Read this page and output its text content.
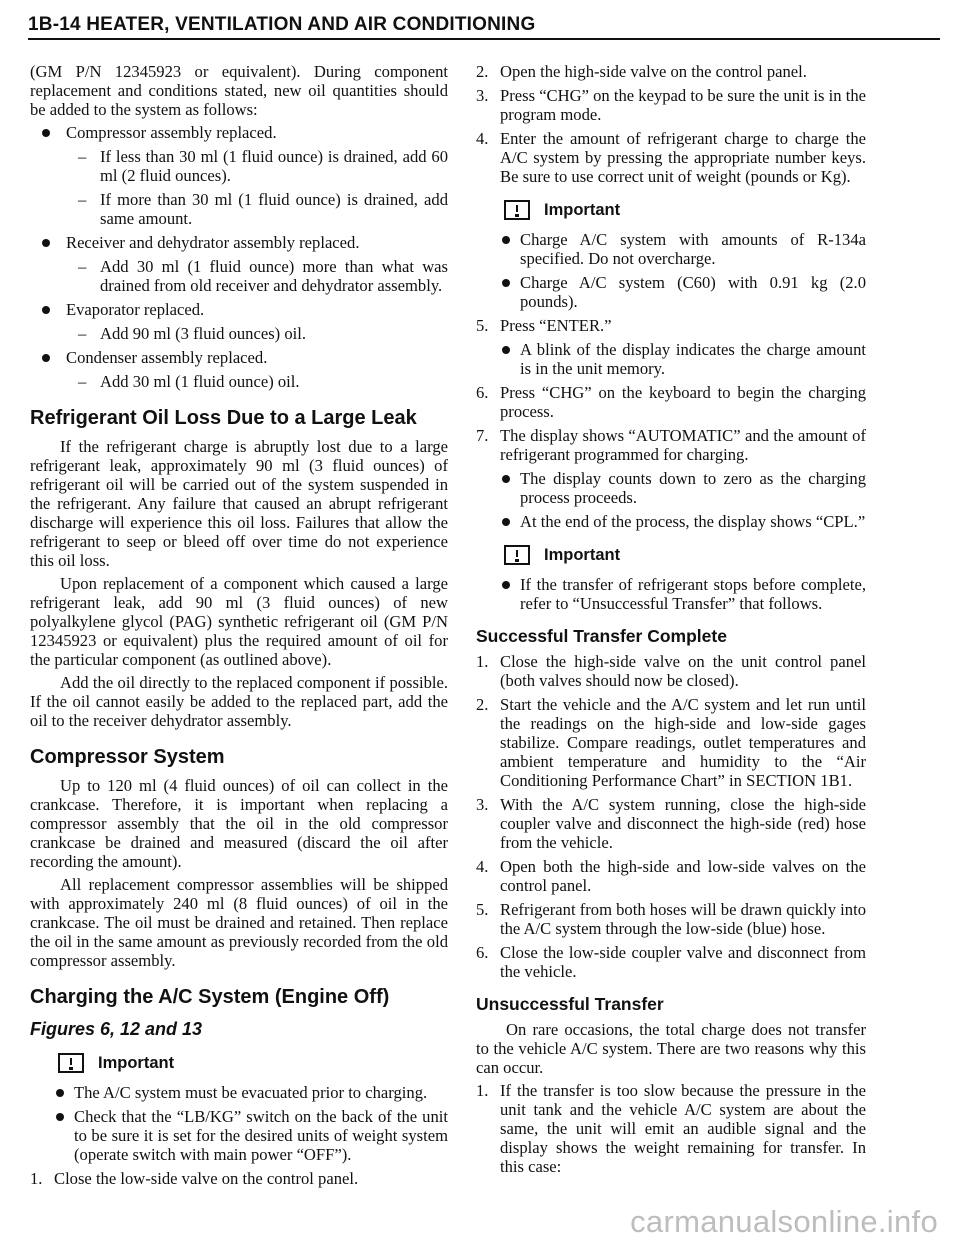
1B-14 HEATER, VENTILATION AND AIR CONDITIONING

(GM P/N 12345923 or equivalent). During component replacement and conditions stated, new oil quantities should be added to the system as follows:

Compressor assembly replaced.
– If less than 30 ml (1 fluid ounce) is drained, add 60 ml (2 fluid ounces).
– If more than 30 ml (1 fluid ounce) is drained, add same amount.
Receiver and dehydrator assembly replaced.
– Add 30 ml (1 fluid ounce) more than what was drained from old receiver and dehydrator assembly.
Evaporator replaced.
– Add 90 ml (3 fluid ounces) oil.
Condenser assembly replaced.
– Add 30 ml (1 fluid ounce) oil.
Refrigerant Oil Loss Due to a Large Leak

If the refrigerant charge is abruptly lost due to a large refrigerant leak, approximately 90 ml (3 fluid ounces) of refrigerant oil will be carried out of the system suspended in the refrigerant. Any failure that caused an abrupt refrigerant discharge will experience this oil loss. Failures that allow the refrigerant to seep or bleed off over time do not experience this oil loss.

Upon replacement of a component which caused a large refrigerant leak, add 90 ml (3 fluid ounces) of new polyalkylene glycol (PAG) synthetic refrigerant oil (GM P/N 12345923 or equivalent) plus the required amount of oil for the particular component (as outlined above).

Add the oil directly to the replaced component if possible. If the oil cannot easily be added to the replaced part, add the oil to the receiver dehydrator assembly.

Compressor System

Up to 120 ml (4 fluid ounces) of oil can collect in the crankcase. Therefore, it is important when replacing a compressor assembly that the oil in the old compressor crankcase be drained and measured (discard the oil after recording the amount).

All replacement compressor assemblies will be shipped with approximately 240 ml (8 fluid ounces) of oil in the crankcase. The oil must be drained and retained. Then replace the oil in the same amount as previously recorded from the old compressor assembly.

Charging the A/C System (Engine Off)
Figures 6, 12 and 13
Important
The A/C system must be evacuated prior to charging.
Check that the “LB/KG” switch on the back of the unit to be sure it is set for the desired units of weight system (operate switch with main power “OFF”).
1. Close the low-side valve on the control panel.
2. Open the high-side valve on the control panel.
3. Press “CHG” on the keypad to be sure the unit is in the program mode.
4. Enter the amount of refrigerant charge to charge the A/C system by pressing the appropriate number keys. Be sure to use correct unit of weight (pounds or Kg).
Important
Charge A/C system with amounts of R-134a specified. Do not overcharge.
Charge A/C system (C60) with 0.91 kg (2.0 pounds).
5. Press “ENTER.”
A blink of the display indicates the charge amount is in the unit memory.
6. Press “CHG” on the keyboard to begin the charging process.
7. The display shows “AUTOMATIC” and the amount of refrigerant programmed for charging.
The display counts down to zero as the charging process proceeds.
At the end of the process, the display shows “CPL.”
Important
If the transfer of refrigerant stops before complete, refer to “Unsuccessful Transfer” that follows.
Successful Transfer Complete
1. Close the high-side valve on the unit control panel (both valves should now be closed).
2. Start the vehicle and the A/C system and let run until the readings on the high-side and low-side gages stabilize. Compare readings, outlet temperatures and ambient temperature and humidity to the “Air Conditioning Performance Chart” in SECTION 1B1.
3. With the A/C system running, close the high-side coupler valve and disconnect the high-side (red) hose from the vehicle.
4. Open both the high-side and low-side valves on the control panel.
5. Refrigerant from both hoses will be drawn quickly into the A/C system through the low-side (blue) hose.
6. Close the low-side coupler valve and disconnect from the vehicle.
Unsuccessful Transfer

On rare occasions, the total charge does not transfer to the vehicle A/C system. There are two reasons why this can occur.

1. If the transfer is too slow because the pressure in the unit tank and the vehicle A/C system are about the same, the unit will emit an audible signal and the display shows the weight remaining for transfer. In this case:
carmanualsonline.info
